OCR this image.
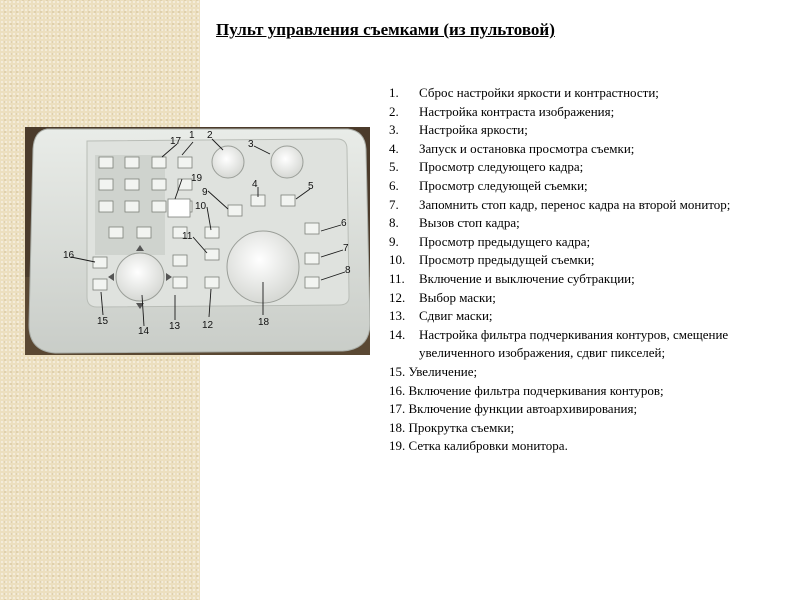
Пульт управления съемками (из пультовой)
1 2
3
4	5
6
7
8
9
10
11
12
13
14
15
16
17
18
19
1.	Сброс настройки яркости и контрастности;
2.	Настройка контраста изображения;
3.	Настройка яркости;
4.	Запуск и остановка просмотра съемки;
5.	Просмотр следующего кадра;
6.	Просмотр следующей съемки;
7.	Запомнить стоп кадр, перенос кадра на второй монитор;
8.	Вызов стоп кадра;
9.	Просмотр предыдущего кадра;
10.	Просмотр предыдущей съемки;
11.	Включение и выключение субтракции;
12.	Выбор маски;
13.	Сдвиг маски;
14.	Настройка фильтра подчеркивания контуров, смещение увеличенного изображения, сдвиг пикселей;
15. Увеличение;
16. Включение фильтра подчеркивания контуров;
17. Включение функции автоархивирования;
18. Прокрутка съемки;
19. Сетка калибровки монитора.
